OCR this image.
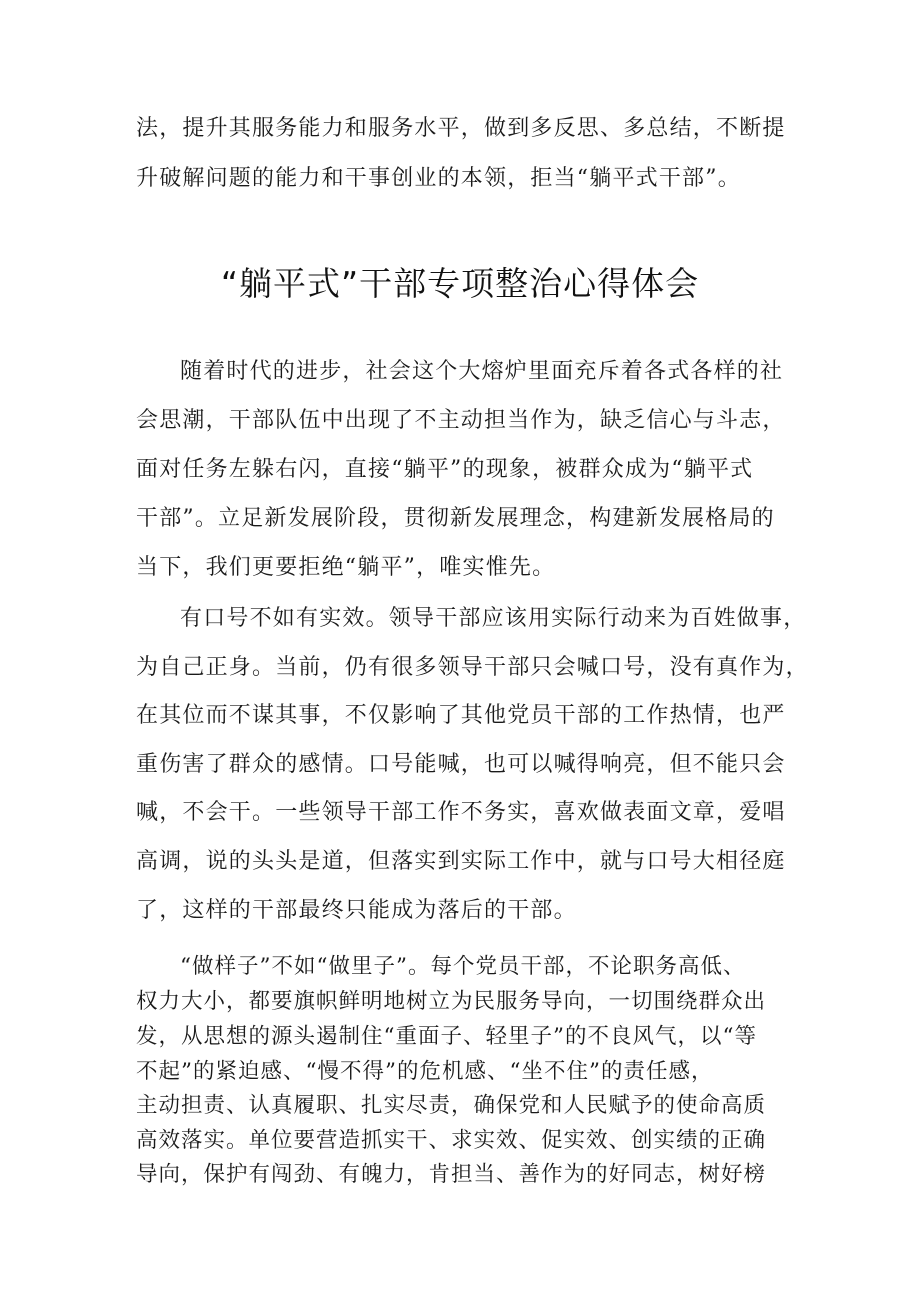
法，提升其服务能力和服务水平，做到多反思、多总结，不断提
升破解问题的能力和干事创业的本领，拒当“躺平式干部”。
“躺平式”干部专项整治心得体会
随着时代的进步，社会这个大熔炉里面充斥着各式各样的社
会思潮，干部队伍中出现了不主动担当作为，缺乏信心与斗志，
面对任务左躲右闪，直接“躺平”的现象，被群众成为“躺平式
干部”。立足新发展阶段，贯彻新发展理念，构建新发展格局的
当下，我们更要拒绝“躺平”，唯实惟先。
有口号不如有实效。领导干部应该用实际行动来为百姓做事，
为自己正身。当前，仍有很多领导干部只会喊口号，没有真作为，
在其位而不谋其事，不仅影响了其他党员干部的工作热情，也严
重伤害了群众的感情。口号能喊，也可以喊得响亮，但不能只会
喊，不会干。一些领导干部工作不务实，喜欢做表面文章，爱唱
高调，说的头头是道，但落实到实际工作中，就与口号大相径庭
了，这样的干部最终只能成为落后的干部。
“做样子”不如“做里子”。每个党员干部，不论职务高低、
权力大小，都要旗帜鲜明地树立为民服务导向，一切围绕群众出
发，从思想的源头遏制住“重面子、轻里子”的不良风气，以“等
不起”的紧迫感、“慢不得”的危机感、“坐不住”的责任感，
主动担责、认真履职、扎实尽责，确保党和人民赋予的使命高质
高效落实。单位要营造抓实干、求实效、促实效、创实绩的正确
导向，保护有闯劲、有魄力，肯担当、善作为的好同志，树好榜
